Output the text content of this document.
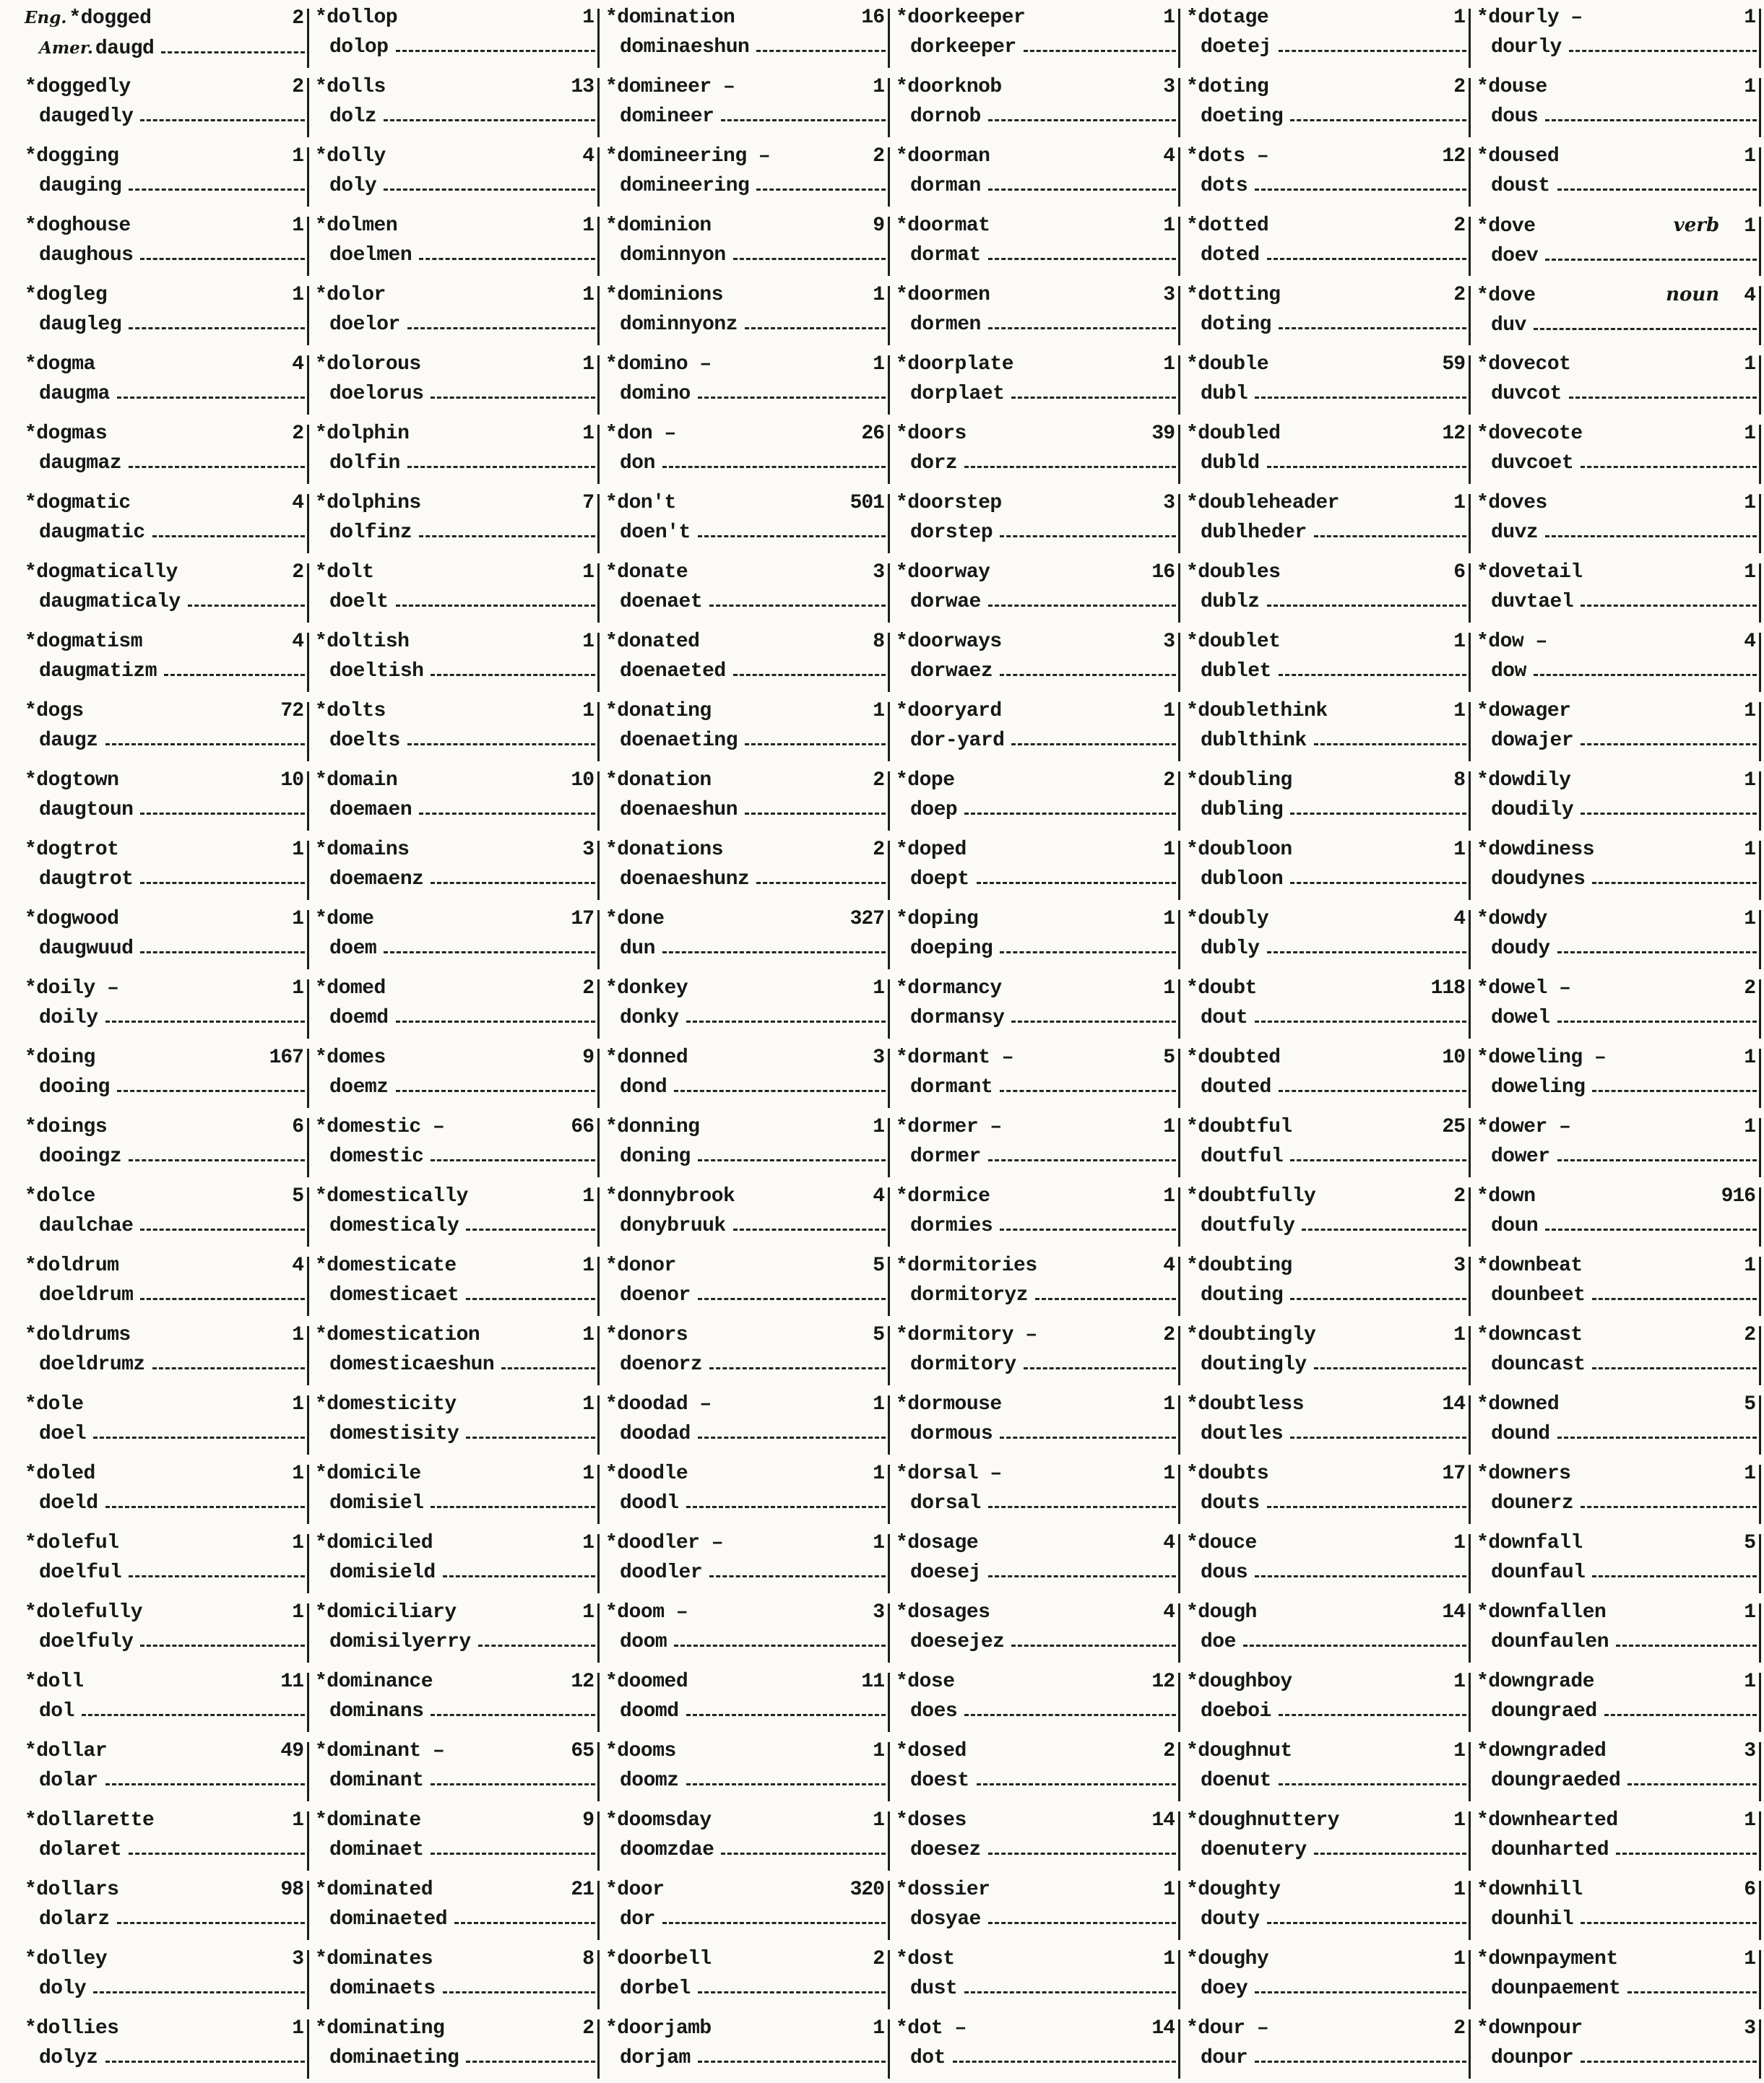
Eng. *dogged	2
Amer. daugd
*doggedly	2
daugedly
*dogging	1
dauging
*doghouse	1
daughous
*dogleg	1
daugleg
*dogma	4
daugma
*dogmas	2
daugmaz
*dogmatic	4
daugmatic
*dogmatically	2
daugmaticaly
*dogmatism	4
daugmatizm
*dogs	72
daugz
*dogtown	10
daugtoun
*dogtrot	1
daugtrot
*dogwood	1
daugwuud
*doily –	1
doily
*doing	167
dooing
*doings	6
dooingz
*dolce	5
daulchae
*doldrum	4
doeldrum
*doldrums	1
doeldrumz
*dole	1
doel
*doled	1
doeld
*doleful	1
doelful
*dolefully	1
doelfuly
*doll	11
dol
*dollar	49
dolar
*dollarette	1
dolaret
*dollars	98
dolarz
*dolley	3
doly
*dollies	1
dolyz
*dollop	1
dolop
*dolls	13
dolz
*dolly	4
doly
*dolmen	1
doelmen
*dolor	1
doelor
*dolorous	1
doelorus
*dolphin	1
dolfin
*dolphins	7
dolfinz
*dolt	1
doelt
*doltish	1
doeltish
*dolts	1
doelts
*domain	10
doemaen
*domains	3
doemaenz
*dome	17
doem
*domed	2
doemd
*domes	9
doemz
*domestic –	66
domestic
*domestically	1
domesticaly
*domesticate	1
domesticaet
*domestication	1
domesticaeshun
*domesticity	1
domestisity
*domicile	1
domisiel
*domiciled	1
domisield
*domiciliary	1
domisilyerry
*dominance	12
dominans
*dominant –	65
dominant
*dominate	9
dominaet
*dominated	21
dominaeted
*dominates	8
dominaets
*dominating	2
dominaeting
*domination	16
dominaeshun
*domineer –	1
domineer
*domineering –	2
domineering
*dominion	9
dominnyon
*dominions	1
dominnyonz
*domino –	1
domino
*don –	26
don
*don't	501
doen't
*donate	3
doenaet
*donated	8
doenaeted
*donating	1
doenaeting
*donation	2
doenaeshun
*donations	2
doenaeshunz
*done	327
dun
*donkey	1
donky
*donned	3
dond
*donning	1
doning
*donnybrook	4
donybruuk
*donor	5
doenor
*donors	5
doenorz
*doodad –	1
doodad
*doodle	1
doodl
*doodler –	1
doodler
*doom –	3
doom
*doomed	11
doomd
*dooms	1
doomz
*doomsday	1
doomzdae
*door	320
dor
*doorbell	2
dorbel
*doorjamb	1
dorjam
*doorkeeper	1
dorkeeper
*doorknob	3
dornob
*doorman	4
dorman
*doormat	1
dormat
*doormen	3
dormen
*doorplate	1
dorplaet
*doors	39
dorz
*doorstep	3
dorstep
*doorway	16
dorwae
*doorways	3
dorwaez
*dooryard	1
dor-yard
*dope	2
doep
*doped	1
doept
*doping	1
doeping
*dormancy	1
dormansy
*dormant –	5
dormant
*dormer –	1
dormer
*dormice	1
dormies
*dormitories	4
dormitoryz
*dormitory –	2
dormitory
*dormouse	1
dormous
*dorsal –	1
dorsal
*dosage	4
doesej
*dosages	4
doesejez
*dose	12
does
*dosed	2
doest
*doses	14
doesez
*dossier	1
dosyae
*dost	1
dust
*dot –	14
dot
*dotage	1
doetej
*doting	2
doeting
*dots –	12
dots
*dotted	2
doted
*dotting	2
doting
*double	59
dubl
*doubled	12
dubld
*doubleheader	1
dublheder
*doubles	6
dublz
*doublet	1
dublet
*doublethink	1
dublthink
*doubling	8
dubling
*doubloon	1
dubloon
*doubly	4
dubly
*doubt	118
dout
*doubted	10
douted
*doubtful	25
doutful
*doubtfully	2
doutfuly
*doubting	3
douting
*doubtingly	1
doutingly
*doubtless	14
doutles
*doubts	17
douts
*douce	1
dous
*dough	14
doe
*doughboy	1
doeboi
*doughnut	1
doenut
*doughnuttery	1
doenutery
*doughty	1
douty
*doughy	1
doey
*dour –	2
dour
*dourly –	1
dourly
*douse	1
dous
*doused	1
doust
*dove	verb 1
doev
*dove	noun 4
duv
*dovecot	1
duvcot
*dovecote	1
duvcoet
*doves	1
duvz
*dovetail	1
duvtael
*dow –	4
dow
*dowager	1
dowajer
*dowdily	1
doudily
*dowdiness	1
doudynes
*dowdy	1
doudy
*dowel –	2
dowel
*doweling –	1
doweling
*dower –	1
dower
*down	916
doun
*downbeat	1
dounbeet
*downcast	2
douncast
*downed	5
dound
*downers	1
dounerz
*downfall	5
dounfaul
*downfallen	1
dounfaulen
*downgrade	1
doungraed
*downgraded	3
doungraeded
*downhearted	1
dounharted
*downhill	6
dounhil
*downpayment	1
dounpaement
*downpour	3
dounpor
